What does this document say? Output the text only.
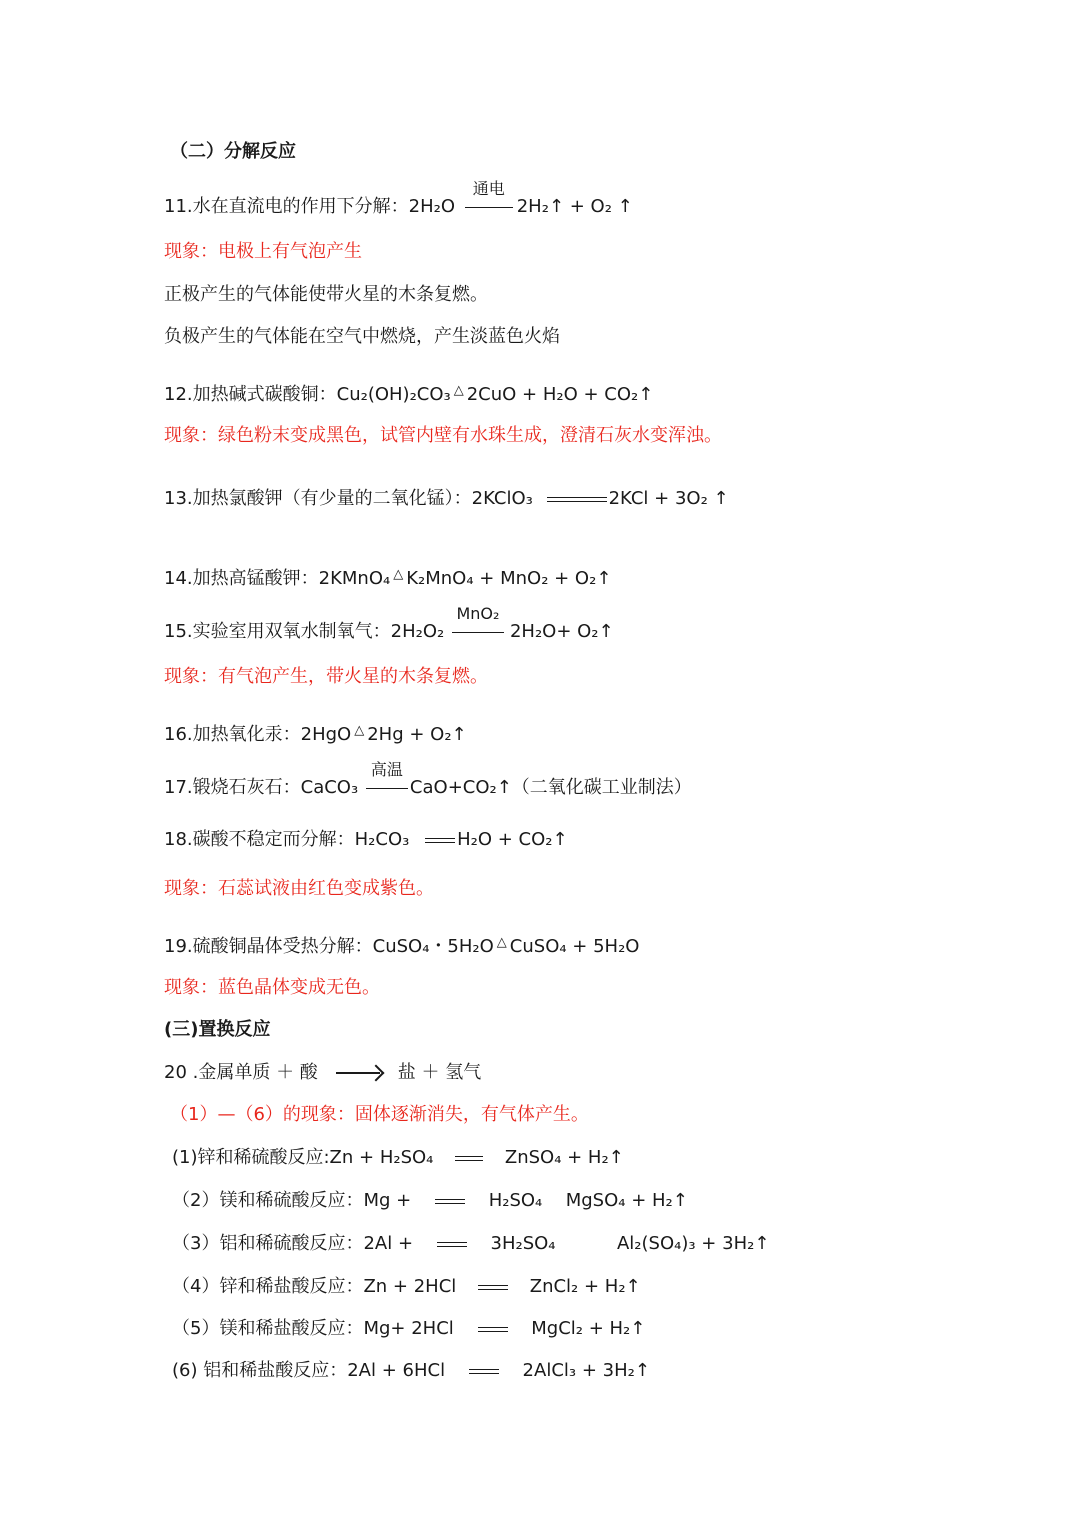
（二）分解反应
11.水在直流电的作用下分解：2H₂O
通电
2H₂↑ + O₂ ↑
现象：电极上有气泡产生
正极产生的气体能使带火星的木条复燃。
负极产生的气体能在空气中燃烧，产生淡蓝色火焰
12.加热碱式碳酸铜：Cu₂(OH)₂CO₃ △ 2CuO + H₂O + CO₂↑
现象：绿色粉末变成黑色，试管内壁有水珠生成，澄清石灰水变浑浊。
13.加热氯酸钾（有少量的二氧化锰）：2KClO₃	2KCl + 3O₂ ↑
14.加热高锰酸钾：2KMnO₄ △ K₂MnO₄ + MnO₂ + O₂↑
15.实验室用双氧水制氧气：2H₂O₂
MnO₂
2H₂O+ O₂↑
现象：有气泡产生，带火星的木条复燃。
16.加热氧化汞：2HgO △ 2Hg + O₂↑
17.锻烧石灰石：CaCO₃
高温
CaO+CO₂↑（二氧化碳工业制法）
18.碳酸不稳定而分解：H₂CO₃	H₂O + CO₂↑
现象：石蕊试液由红色变成紫色。
19.硫酸铜晶体受热分解：CuSO₄・5H₂O △ CuSO₄ + 5H₂O
现象：蓝色晶体变成无色。
(三)置换反应
20 .金属单质 ＋ 酸	盐 ＋ 氢气
（1）—（6）的现象：固体逐渐消失，有气体产生。
(1)锌和稀硫酸反应:Zn + H₂SO₄	ZnSO₄ + H₂↑
（2）镁和稀硫酸反应：Mg +	H₂SO₄ MgSO₄ + H₂↑
（3）铝和稀硫酸反应：2Al +	3H₂SO₄	Al₂(SO₄)₃ + 3H₂↑
（4）锌和稀盐酸反应：Zn + 2HCl	ZnCl₂ + H₂↑
（5）镁和稀盐酸反应：Mg+ 2HCl	MgCl₂ + H₂↑
(6) 铝和稀盐酸反应：2Al + 6HCl	2AlCl₃ + 3H₂↑
